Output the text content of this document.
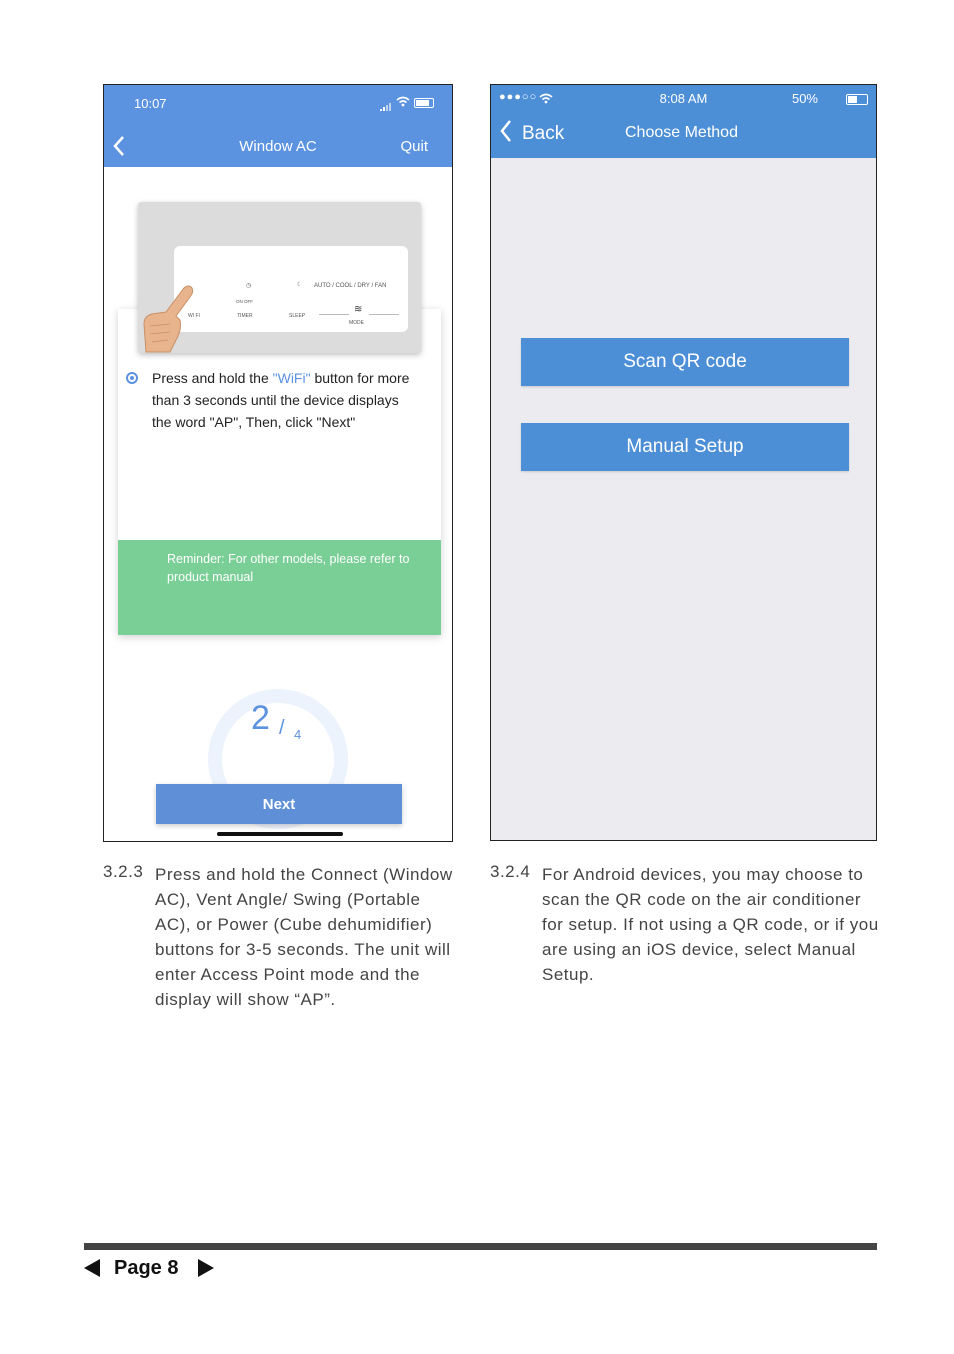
10:07
Window AC	Quit
◷
ON OFF
☾ AUTO / COOL / DRY / FAN
WI FI	TIMER	SLEEP
≋
MODE
Press and hold the "WiFi" button for more than 3 seconds until the device displays the word "AP", Then, click "Next"
Reminder: For other models, please refer to product manual
2 / 4
Next
●●●○○	8:08 AM	50%
Back	Choose Method
Scan QR code
Manual Setup
3.2.3 Press and hold the Connect (Window AC), Vent Angle/ Swing (Portable AC), or Power (Cube dehumidifier) buttons for 3-5 seconds. The unit will enter Access Point mode and the display will show “AP”.
3.2.4 For Android devices, you may choose to scan the QR code on the air conditioner for setup. If not using a QR code, or if you are using an iOS device, select Manual Setup.
Page 8
